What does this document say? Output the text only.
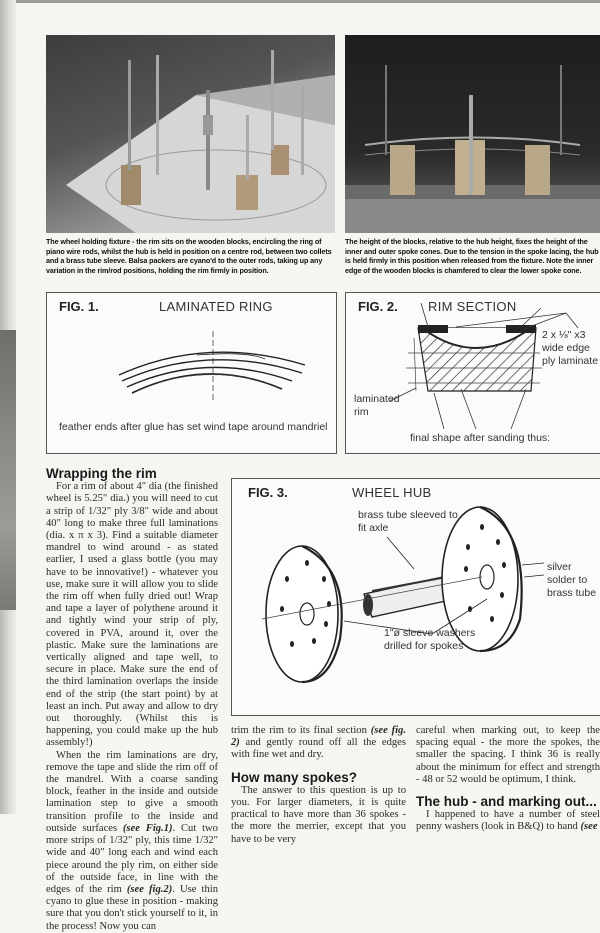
The wheel holding fixture - the rim sits on the wooden blocks, encircling the ring of piano wire rods, whilst the hub is held in position on a centre rod, between two collets and a brass tube sleeve. Balsa packers are cyano'd to the outer rods, taking up any variation in the rim/rod positions, holding the rim firmly in position.
The height of the blocks, relative to the hub height, fixes the height of the inner and outer spoke cones. Due to the tension in the spoke lacing, the hub is held firmly in this position when released from the fixture. Note the inner edge of the wooden blocks is chamfered to clear the lower spoke cone.
FIG. 1.	LAMINATED RING
feather ends after glue has set wind tape around mandriel
FIG. 2. RIM SECTION
2 x ⅛" x3 wide edge ply laminate
laminated rim
final shape after sanding thus:
FIG. 3.	WHEEL HUB
brass tube sleeved to fit axle
silver solder to brass tube
1"ø sleeve washers drilled for spokes
Wrapping the rim

For a rim of about 4" dia (the finished wheel is 5.25" dia.) you will need to cut a strip of 1/32" ply 3/8" wide and about 40" long to make three full laminations (dia. x π x 3). Find a suitable diameter mandrel to wind around - as stated earlier, I used a glass bottle (you may have to be innovative!) - whatever you use, make sure it will allow you to slide the rim off when fully dried out! Wrap and tape a layer of polythene around it and tightly wind your strip of ply, covered in PVA, around it, over the plastic. Make sure the laminations are vertically aligned and tape well, to secure in place. Make sure the end of the third lamination overlaps the inside end of the strip (the start point) by at least an inch. Put away and allow to dry out thoroughly. (Whilst this is happening, you could make up the hub assembly!)

When the rim laminations are dry, remove the tape and slide the rim off of the mandrel. With a coarse sanding block, feather in the inside and outside lamination step to give a smooth transition profile to the inside and outside surfaces (see Fig.1). Cut two more strips of 1/32" ply, this time 1/32" wide and 40" long each and wind each piece around the ply rim, on either side of the outside face, in line with the edges of the rim (see fig.2). Use thin cyano to glue these in position - making sure that you don't stick yourself to it, in the process! Now you can

trim the rim to its final section (see fig. 2) and gently round off all the edges with fine wet and dry.

How many spokes?

The answer to this question is up to you. For larger diameters, it is quite practical to have more than 36 spokes - the more the merrier, except that you have to be very

careful when marking out, to keep the spacing equal - the more the spokes, the smaller the spacing. I think 36 is really about the minimum for effect and strength - 48 or 52 would be optimum, I think.

The hub - and marking out...

I happened to have a number of steel penny washers (look in B&Q) to hand (see
